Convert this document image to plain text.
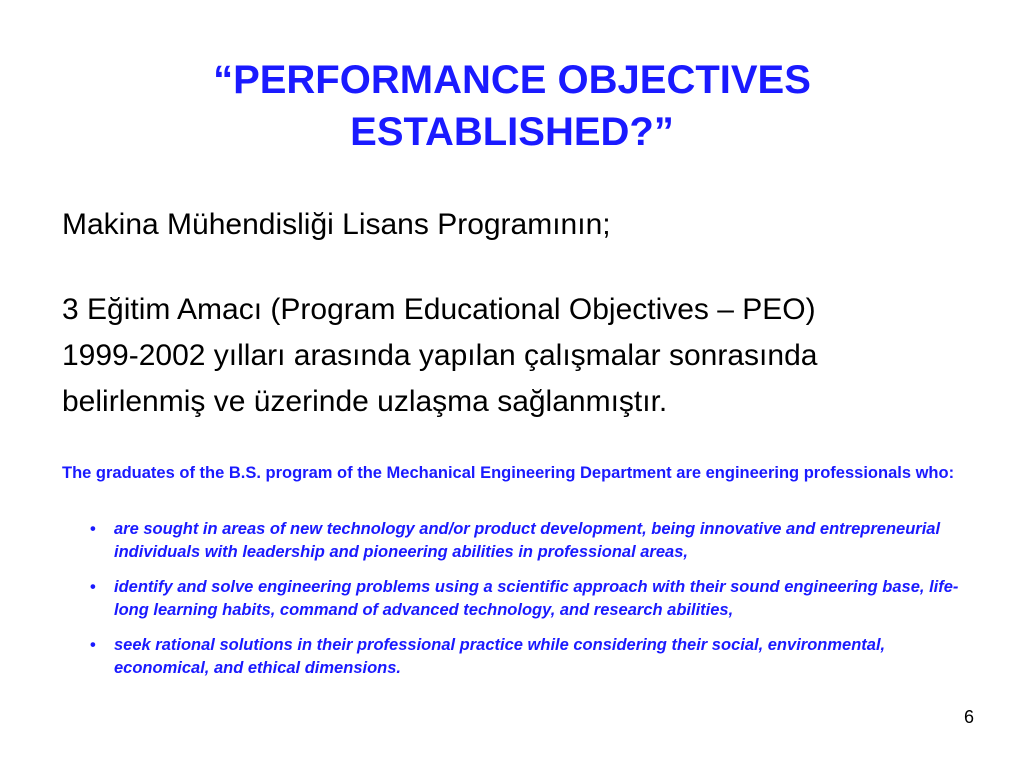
“PERFORMANCE OBJECTIVES
ESTABLISHED?”
Makina Mühendisliği Lisans Programının;
3 Eğitim Amacı (Program Educational Objectives – PEO)
1999-2002 yılları arasında yapılan çalışmalar sonrasında
belirlenmiş ve üzerinde uzlaşma sağlanmıştır.
The graduates of the B.S. program of the Mechanical Engineering Department are engineering professionals who:
• are sought in areas of new technology and/or product development, being innovative and entrepreneurial individuals with leadership and pioneering abilities in professional areas,
• identify and solve engineering problems using a scientific approach with their sound engineering base, life-long learning habits, command of advanced technology, and research abilities,
• seek rational solutions in their professional practice while considering their social, environmental, economical, and ethical dimensions.
6
